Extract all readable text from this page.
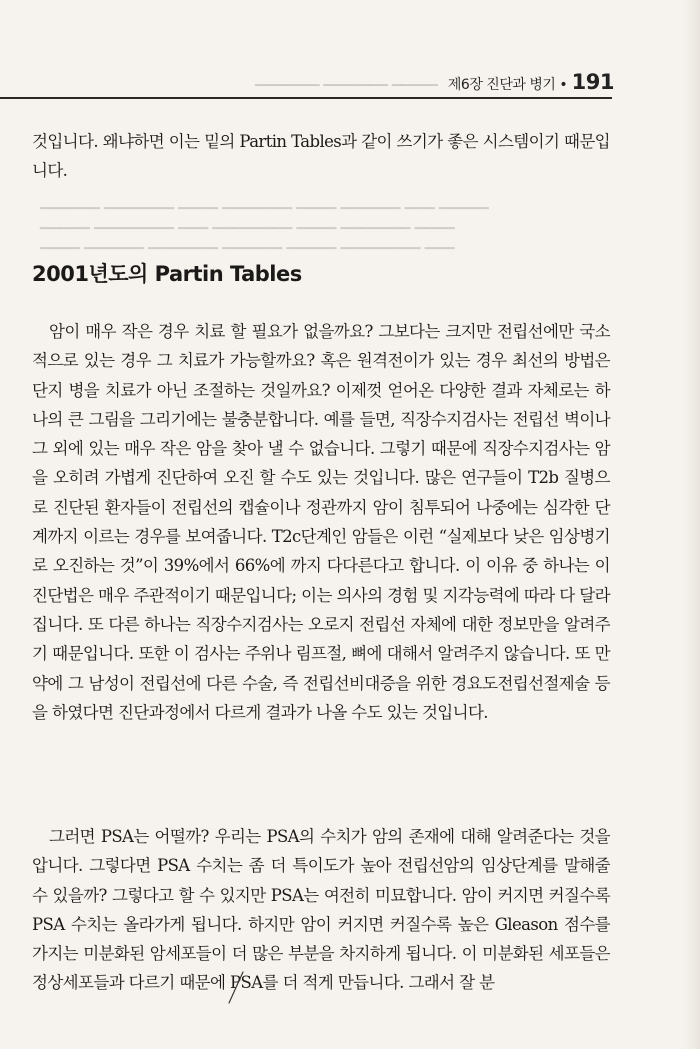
▁▁▁▁▁ ▁▁▁▁▁▁▁ ▁▁▁▁▁▁▁ 제6장 진단과 병기 • 191

것입니다. 왜냐하면 이는 밑의 Partin Tables과 같이 쓰기가 좋은 시스템이기 때문입니다.

▁▁▁▁▁ ▁▁▁ ▁▁▁▁▁▁ ▁▁▁▁ ▁▁▁▁▁▁▁ ▁▁▁▁ ▁▁▁▁▁▁▁ ▁▁▁▁▁▁
▁▁▁▁ ▁▁▁▁▁▁▁ ▁▁▁▁ ▁▁▁▁▁▁▁▁ ▁▁▁ ▁▁▁▁▁▁▁▁ ▁▁▁▁▁
▁▁▁ ▁▁▁▁▁▁▁▁ ▁▁▁▁▁ ▁▁▁▁▁▁ ▁▁▁▁▁▁▁ ▁▁▁▁▁▁ ▁▁▁▁
2001년도의 Partin Tables

암이 매우 작은 경우 치료 할 필요가 없을까요? 그보다는 크지만 전립선에만 국소적으로 있는 경우 그 치료가 가능할까요? 혹은 원격전이가 있는 경우 최선의 방법은 단지 병을 치료가 아닌 조절하는 것일까요? 이제껏 얻어온 다양한 결과 자체로는 하나의 큰 그림을 그리기에는 불충분합니다. 예를 들면, 직장수지검사는 전립선 벽이나 그 외에 있는 매우 작은 암을 찾아 낼 수 없습니다. 그렇기 때문에 직장수지검사는 암을 오히려 가볍게 진단하여 오진 할 수도 있는 것입니다. 많은 연구들이 T2b 질병으로 진단된 환자들이 전립선의 캡슐이나 정관까지 암이 침투되어 나중에는 심각한 단계까지 이르는 경우를 보여줍니다. T2c단계인 암들은 이런 “실제보다 낮은 임상병기로 오진하는 것”이 39%에서 66%에 까지 다다른다고 합니다. 이 이유 중 하나는 이 진단법은 매우 주관적이기 때문입니다; 이는 의사의 경험 및 지각능력에 따라 다 달라집니다. 또 다른 하나는 직장수지검사는 오로지 전립선 자체에 대한 정보만을 알려주기 때문입니다. 또한 이 검사는 주위나 림프절, 뼈에 대해서 알려주지 않습니다. 또 만약에 그 남성이 전립선에 다른 수술, 즉 전립선비대증을 위한 경요도전립선절제술 등을 하였다면 진단과정에서 다르게 결과가 나올 수도 있는 것입니다.

그러면 PSA는 어떨까? 우리는 PSA의 수치가 암의 존재에 대해 알려준다는 것을 압니다. 그렇다면 PSA 수치는 좀 더 특이도가 높아 전립선암의 임상단계를 말해줄 수 있을까? 그렇다고 할 수 있지만 PSA는 여전히 미묘합니다. 암이 커지면 커질수록 PSA 수치는 올라가게 됩니다. 하지만 암이 커지면 커질수록 높은 Gleason 점수를 가지는 미분화된 암세포들이 더 많은 부분을 차지하게 됩니다. 이 미분화된 세포들은 정상세포들과 다르기 때문에 PSA를 더 적게 만듭니다. 그래서 잘 분
